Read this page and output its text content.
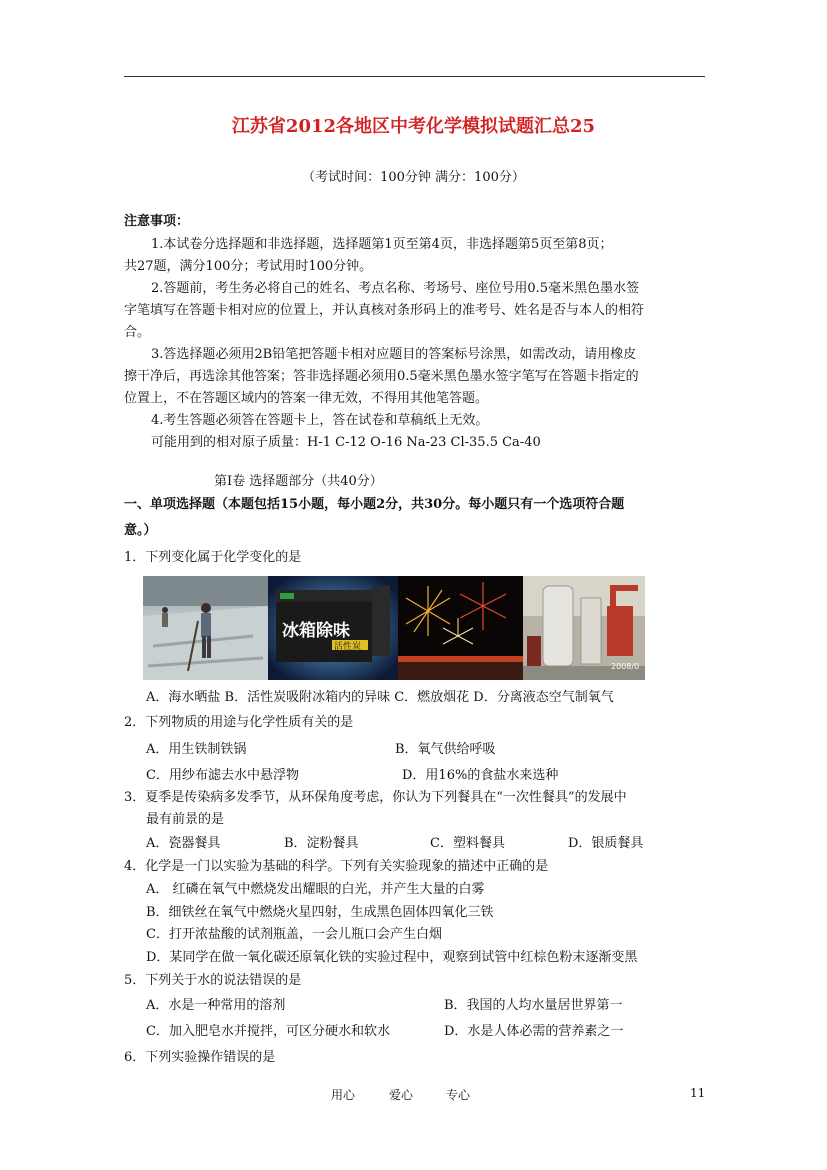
江苏省2012各地区中考化学模拟试题汇总25
（考试时间：100分钟 满分：100分）
注意事项：
1.本试卷分选择题和非选择题，选择题第1页至第4页，非选择题第5页至第8页；
共27题，满分100分；考试用时100分钟。
2.答题前，考生务必将自己的姓名、考点名称、考场号、座位号用0.5毫米黑色墨水签
字笔填写在答题卡相对应的位置上，并认真核对条形码上的准考号、姓名是否与本人的相符
合。
3.答选择题必须用2B铅笔把答题卡相对应题目的答案标号涂黑，如需改动，请用橡皮
擦干净后，再选涂其他答案；答非选择题必须用0.5毫米黑色墨水签字笔写在答题卡指定的
位置上，不在答题区域内的答案一律无效，不得用其他笔答题。
4.考生答题必须答在答题卡上，答在试卷和草稿纸上无效。
可能用到的相对原子质量：H-1 C-12 O-16 Na-23 Cl-35.5 Ca-40
第Ⅰ卷 选择题部分（共40分）
一、单项选择题（本题包括15小题，每小题2分，共30分。每小题只有一个选项符合题
意。）
1．下列变化属于化学变化的是
冰箱除味
活性炭
2008/0
A．海水晒盐 B．活性炭吸附冰箱内的异味 C．燃放烟花 D．分离液态空气制氧气
2．下列物质的用途与化学性质有关的是
A．用生铁制铁锅	B．氧气供给呼吸
C．用纱布滤去水中悬浮物	D．用16%的食盐水来选种
3．夏季是传染病多发季节，从环保角度考虑，你认为下列餐具在“一次性餐具”的发展中
最有前景的是
A．瓷器餐具	B．淀粉餐具	C．塑料餐具	D．银质餐具
4．化学是一门以实验为基础的科学。下列有关实验现象的描述中正确的是
A． 红磷在氧气中燃烧发出耀眼的白光，并产生大量的白雾
B．细铁丝在氧气中燃烧火星四射，生成黑色固体四氧化三铁
C．打开浓盐酸的试剂瓶盖，一会儿瓶口会产生白烟
D．某同学在做一氧化碳还原氧化铁的实验过程中，观察到试管中红棕色粉末逐渐变黑
5．下列关于水的说法错误的是
A．水是一种常用的溶剂	B．我国的人均水量居世界第一
C．加入肥皂水并搅拌，可区分硬水和软水	D．水是人体必需的营养素之一
6．下列实验操作错误的是
用心	爱心	专心	11
